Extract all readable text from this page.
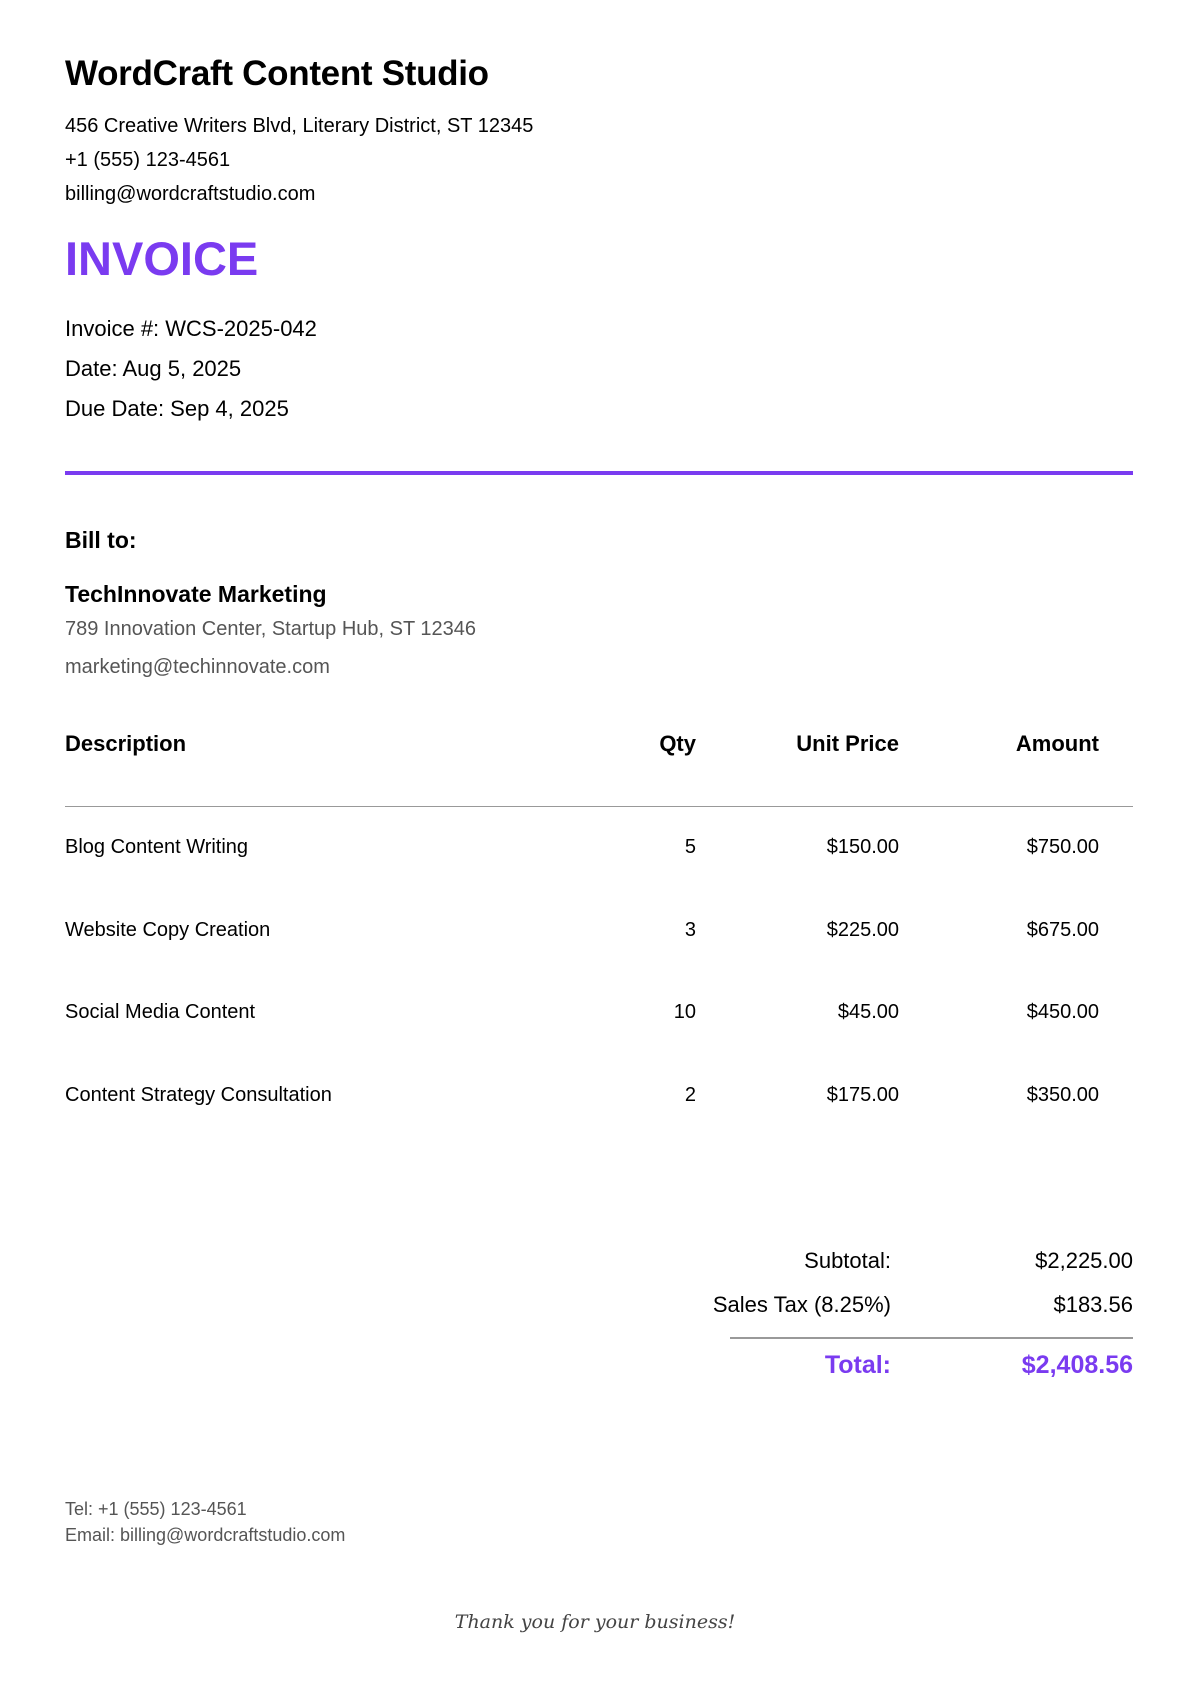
WordCraft Content Studio

456 Creative Writers Blvd, Literary District, ST 12345

+1 (555) 123-4561

billing@wordcraftstudio.com

INVOICE

Invoice #: WCS-2025-042

Date: Aug 5, 2025

Due Date: Sep 4, 2025

Bill to:

TechInnovate Marketing

789 Innovation Center, Startup Hub, ST 12346

marketing@techinnovate.com

Description	Qty	Unit Price	Amount
Blog Content Writing	5	$150.00	$750.00
Website Copy Creation	3	$225.00	$675.00
Social Media Content	10	$45.00	$450.00
Content Strategy Consultation	2	$175.00	$350.00
Subtotal:	$2,225.00
Sales Tax (8.25%)	$183.56
Total:	$2,408.56

Tel: +1 (555) 123-4561

Email: billing@wordcraftstudio.com

Thank you for your business!
